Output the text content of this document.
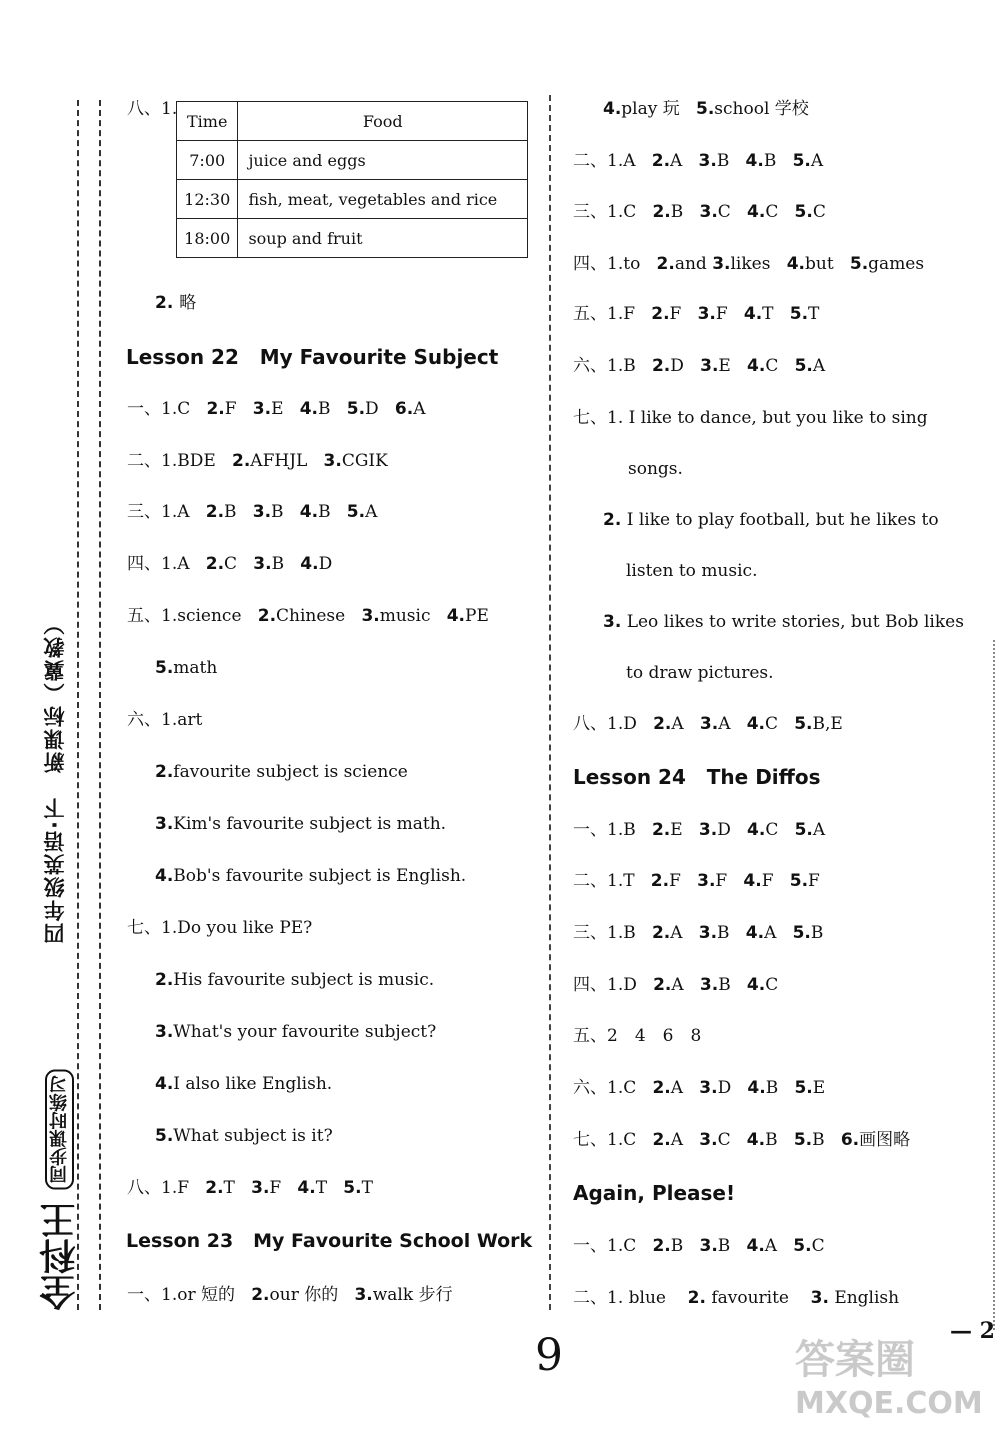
四年级英语·下　新课标（冀教）
全科王 同步课时练习
八、1.
Time	Food
7:00	juice and eggs
12:30	fish, meat, vegetables and rice
18:00	soup and fruit
2. 略
Lesson 22 My Favourite Subject
一、1.C 2.F 3.E 4.B 5.D 6.A
二、1.BDE 2.AFHJL 3.CGIK
三、1.A 2.B 3.B 4.B 5.A
四、1.A 2.C 3.B 4.D
五、1.science 2.Chinese 3.music 4.PE
5.math
六、1.art
2.favourite subject is science
3.Kim's favourite subject is math.
4.Bob's favourite subject is English.
七、1.Do you like PE?
2.His favourite subject is music.
3.What's your favourite subject?
4.I also like English.
5.What subject is it?
八、1.F 2.T 3.F 4.T 5.T
Lesson 23 My Favourite School Work
一、1.or 短的 2.our 你的 3.walk 步行
4.play 玩 5.school 学校
二、1.A 2.A 3.B 4.B 5.A
三、1.C 2.B 3.C 4.C 5.C
四、1.to 2.and 3.likes 4.but 5.games
五、1.F 2.F 3.F 4.T 5.T
六、1.B 2.D 3.E 4.C 5.A
七、1. I like to dance, but you like to sing
songs.
2. I like to play football, but he likes to
listen to music.
3. Leo likes to write stories, but Bob likes
to draw pictures.
八、1.D 2.A 3.A 4.C 5.B,E
Lesson 24 The Diffos
一、1.B 2.E 3.D 4.C 5.A
二、1.T 2.F 3.F 4.F 5.F
三、1.B 2.A 3.B 4.A 5.B
四、1.D 2.A 3.B 4.C
五、2　4　6　8
六、1.C 2.A 3.D 4.B 5.E
七、1.C 2.A 3.C 4.B 5.B 6.画图略
Again, Please!
一、1.C 2.B 3.B 4.A 5.C
二、1. blue 2. favourite 3. English
— 2
9	答案圈
MXQE.COM
